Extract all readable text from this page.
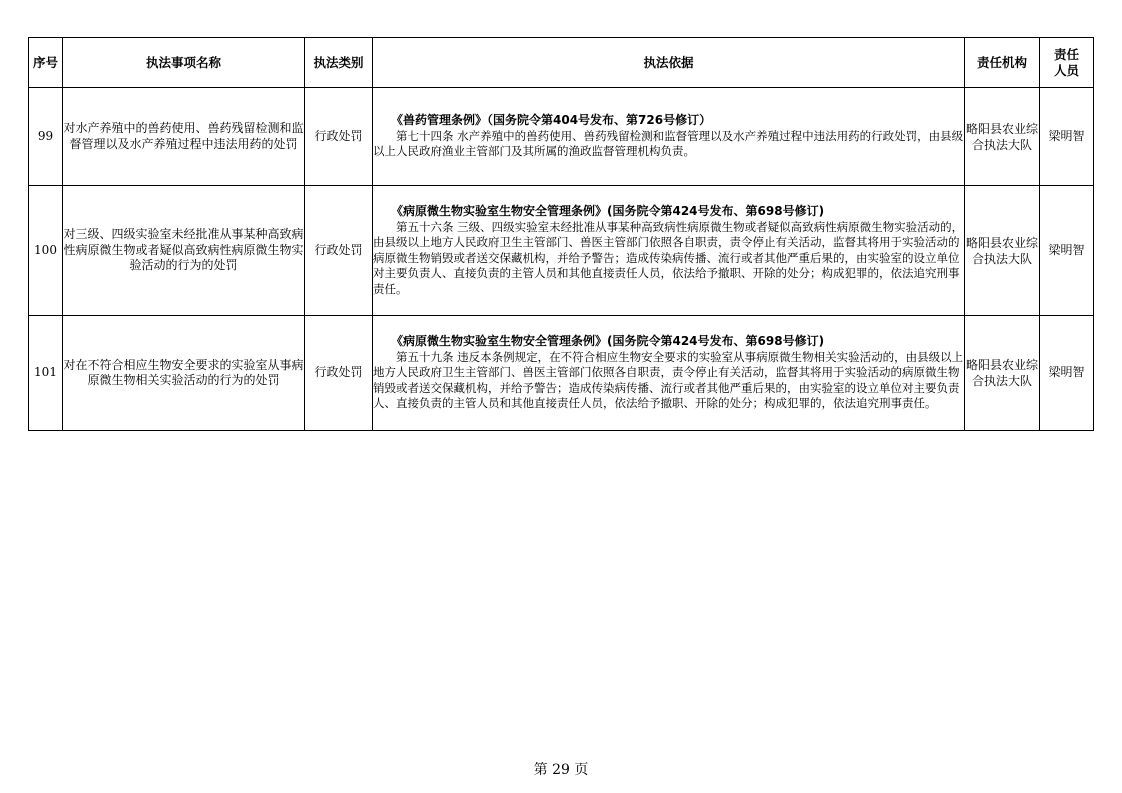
序号	执法事项名称	执法类别	执法依据	责任机构	责任人员

99	对水产养殖中的兽药使用、兽药残留检测和监督管理以及水产养殖过程中违法用药的处罚	行政处罚	《兽药管理条例》（国务院令第404号发布、第726号修订）
第七十四条 水产养殖中的兽药使用、兽药残留检测和监督管理以及水产养殖过程中违法用药的行政处罚，由县级以上人民政府渔业主管部门及其所属的渔政监督管理机构负责。	略阳县农业综合执法大队	梁明智
100	对三级、四级实验室未经批准从事某种高致病性病原微生物或者疑似高致病性病原微生物实验活动的行为的处罚	行政处罚	《病原微生物实验室生物安全管理条例》(国务院令第424号发布、第698号修订)
第五十六条 三级、四级实验室未经批准从事某种高致病性病原微生物或者疑似高致病性病原微生物实验活动的，由县级以上地方人民政府卫生主管部门、兽医主管部门依照各自职责，责令停止有关活动，监督其将用于实验活动的病原微生物销毁或者送交保藏机构，并给予警告；造成传染病传播、流行或者其他严重后果的，由实验室的设立单位对主要负责人、直接负责的主管人员和其他直接责任人员，依法给予撤职、开除的处分；构成犯罪的，依法追究刑事责任。	略阳县农业综合执法大队	梁明智
101	对在不符合相应生物安全要求的实验室从事病原微生物相关实验活动的行为的处罚	行政处罚	《病原微生物实验室生物安全管理条例》(国务院令第424号发布、第698号修订)
第五十九条 违反本条例规定，在不符合相应生物安全要求的实验室从事病原微生物相关实验活动的，由县级以上地方人民政府卫生主管部门、兽医主管部门依照各自职责，责令停止有关活动，监督其将用于实验活动的病原微生物销毁或者送交保藏机构，并给予警告；造成传染病传播、流行或者其他严重后果的，由实验室的设立单位对主要负责人、直接负责的主管人员和其他直接责任人员，依法给予撤职、开除的处分；构成犯罪的，依法追究刑事责任。	略阳县农业综合执法大队	梁明智
第 29 页
